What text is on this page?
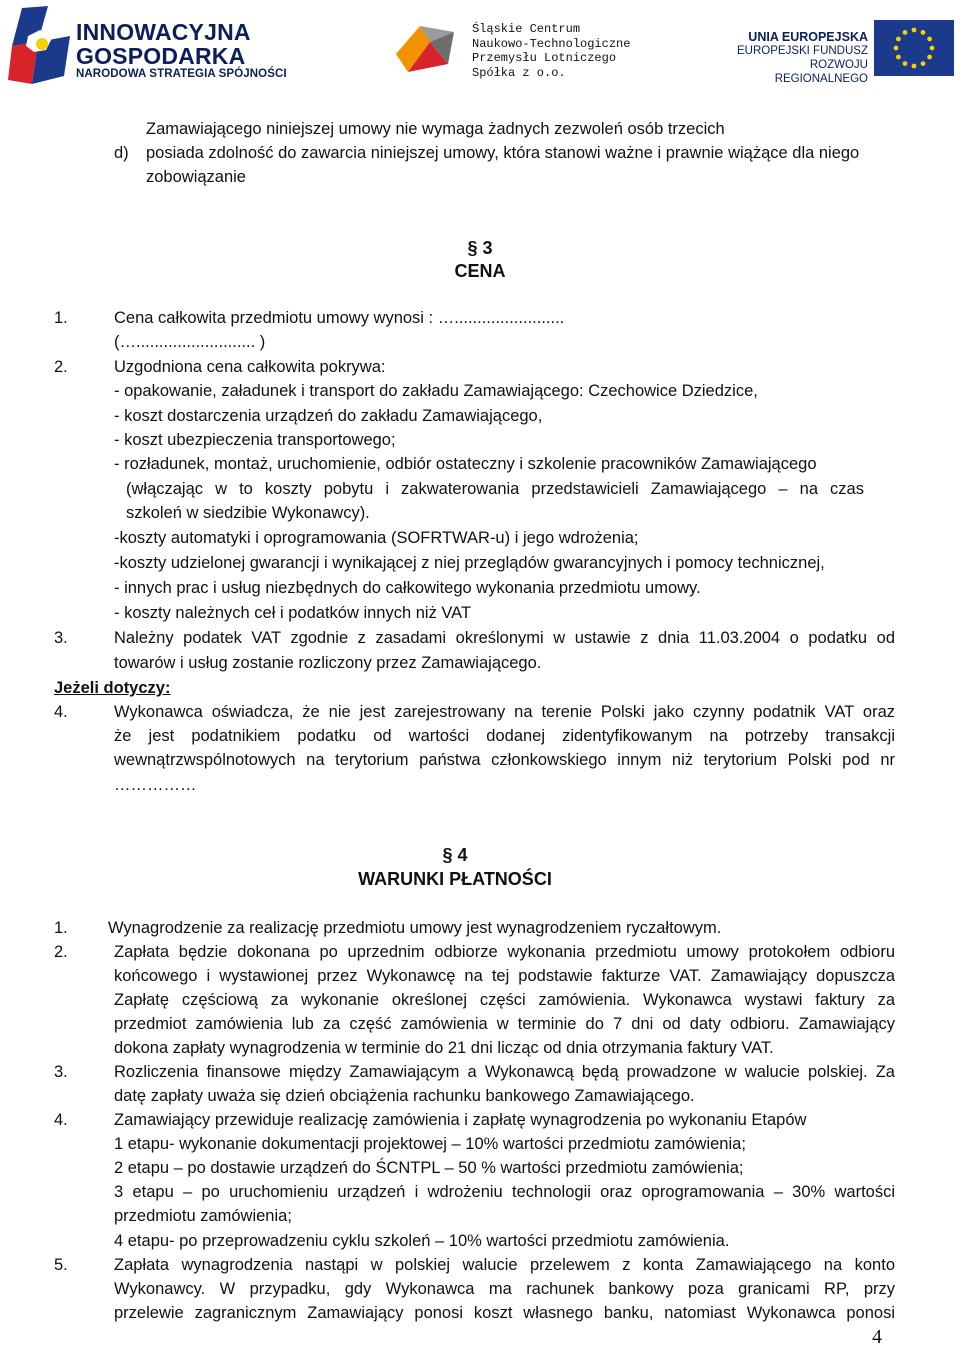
INNOWACYJNA
GOSPODARKA
NARODOWA STRATEGIA SPÓJNOŚCI
Śląskie Centrum
Naukowo-Technologiczne
Przemysłu Lotniczego
Spółka z o.o.
UNIA EUROPEJSKA
EUROPEJSKI FUNDUSZ
ROZWOJU REGIONALNEGO
Zamawiającego niniejszej umowy nie wymaga żadnych zezwoleń osób trzecich
d) posiada zdolność do zawarcia niniejszej umowy, która stanowi ważne i prawnie wiążące dla niego
zobowiązanie
§ 3
CENA
1.	Cena całkowita przedmiotu umowy wynosi : …........................
(….......................... )
2.	Uzgodniona cena całkowita pokrywa:
- opakowanie, załadunek i transport do zakładu Zamawiającego: Czechowice Dziedzice,
- koszt dostarczenia urządzeń do zakładu Zamawiającego,
- koszt ubezpieczenia transportowego;
- rozładunek, montaż, uruchomienie, odbiór ostateczny i szkolenie pracowników Zamawiającego
(włączając w to koszty pobytu i zakwaterowania przedstawicieli Zamawiającego – na czas
szkoleń w siedzibie Wykonawcy).
-koszty automatyki i oprogramowania (SOFRTWAR-u) i jego wdrożenia;
-koszty udzielonej gwarancji i wynikającej z niej przeglądów gwarancyjnych i pomocy technicznej,
- innych prac i usług niezbędnych do całkowitego wykonania przedmiotu umowy.
- koszty należnych ceł i podatków innych niż VAT
3.	Należny podatek VAT zgodnie z zasadami określonymi w ustawie z dnia 11.03.2004 o podatku od
towarów i usług zostanie rozliczony przez Zamawiającego.
Jeżeli dotyczy:
4.	Wykonawca oświadcza, że nie jest zarejestrowany na terenie Polski jako czynny podatnik VAT oraz
że jest podatnikiem podatku od wartości dodanej zidentyfikowanym na potrzeby transakcji
wewnątrzwspólnotowych na terytorium państwa członkowskiego innym niż terytorium Polski pod nr
……………
§ 4
WARUNKI PŁATNOŚCI
1. Wynagrodzenie za realizację przedmiotu umowy jest wynagrodzeniem ryczałtowym.
2.	Zapłata będzie dokonana po uprzednim odbiorze wykonania przedmiotu umowy protokołem odbioru
końcowego i wystawionej przez Wykonawcę na tej podstawie fakturze VAT. Zamawiający dopuszcza
Zapłatę częściową za wykonanie określonej części zamówienia. Wykonawca wystawi faktury za
przedmiot zamówienia lub za część zamówienia w terminie do 7 dni od daty odbioru. Zamawiający
dokona zapłaty wynagrodzenia w terminie do 21 dni licząc od dnia otrzymania faktury VAT.
3.	Rozliczenia finansowe między Zamawiającym a Wykonawcą będą prowadzone w walucie polskiej. Za
datę zapłaty uważa się dzień obciążenia rachunku bankowego Zamawiającego.
4.	Zamawiający przewiduje realizację zamówienia i zapłatę wynagrodzenia po wykonaniu Etapów
1 etapu- wykonanie dokumentacji projektowej – 10% wartości przedmiotu zamówienia;
2 etapu – po dostawie urządzeń do ŚCNTPL – 50 % wartości przedmiotu zamówienia;
3 etapu – po uruchomieniu urządzeń i wdrożeniu technologii oraz oprogramowania – 30% wartości
przedmiotu zamówienia;
4 etapu- po przeprowadzeniu cyklu szkoleń – 10% wartości przedmiotu zamówienia.
5.	Zapłata wynagrodzenia nastąpi w polskiej walucie przelewem z konta Zamawiającego na konto
Wykonawcy. W przypadku, gdy Wykonawca ma rachunek bankowy poza granicami RP, przy
przelewie zagranicznym Zamawiający ponosi koszt własnego banku, natomiast Wykonawca ponosi
4
